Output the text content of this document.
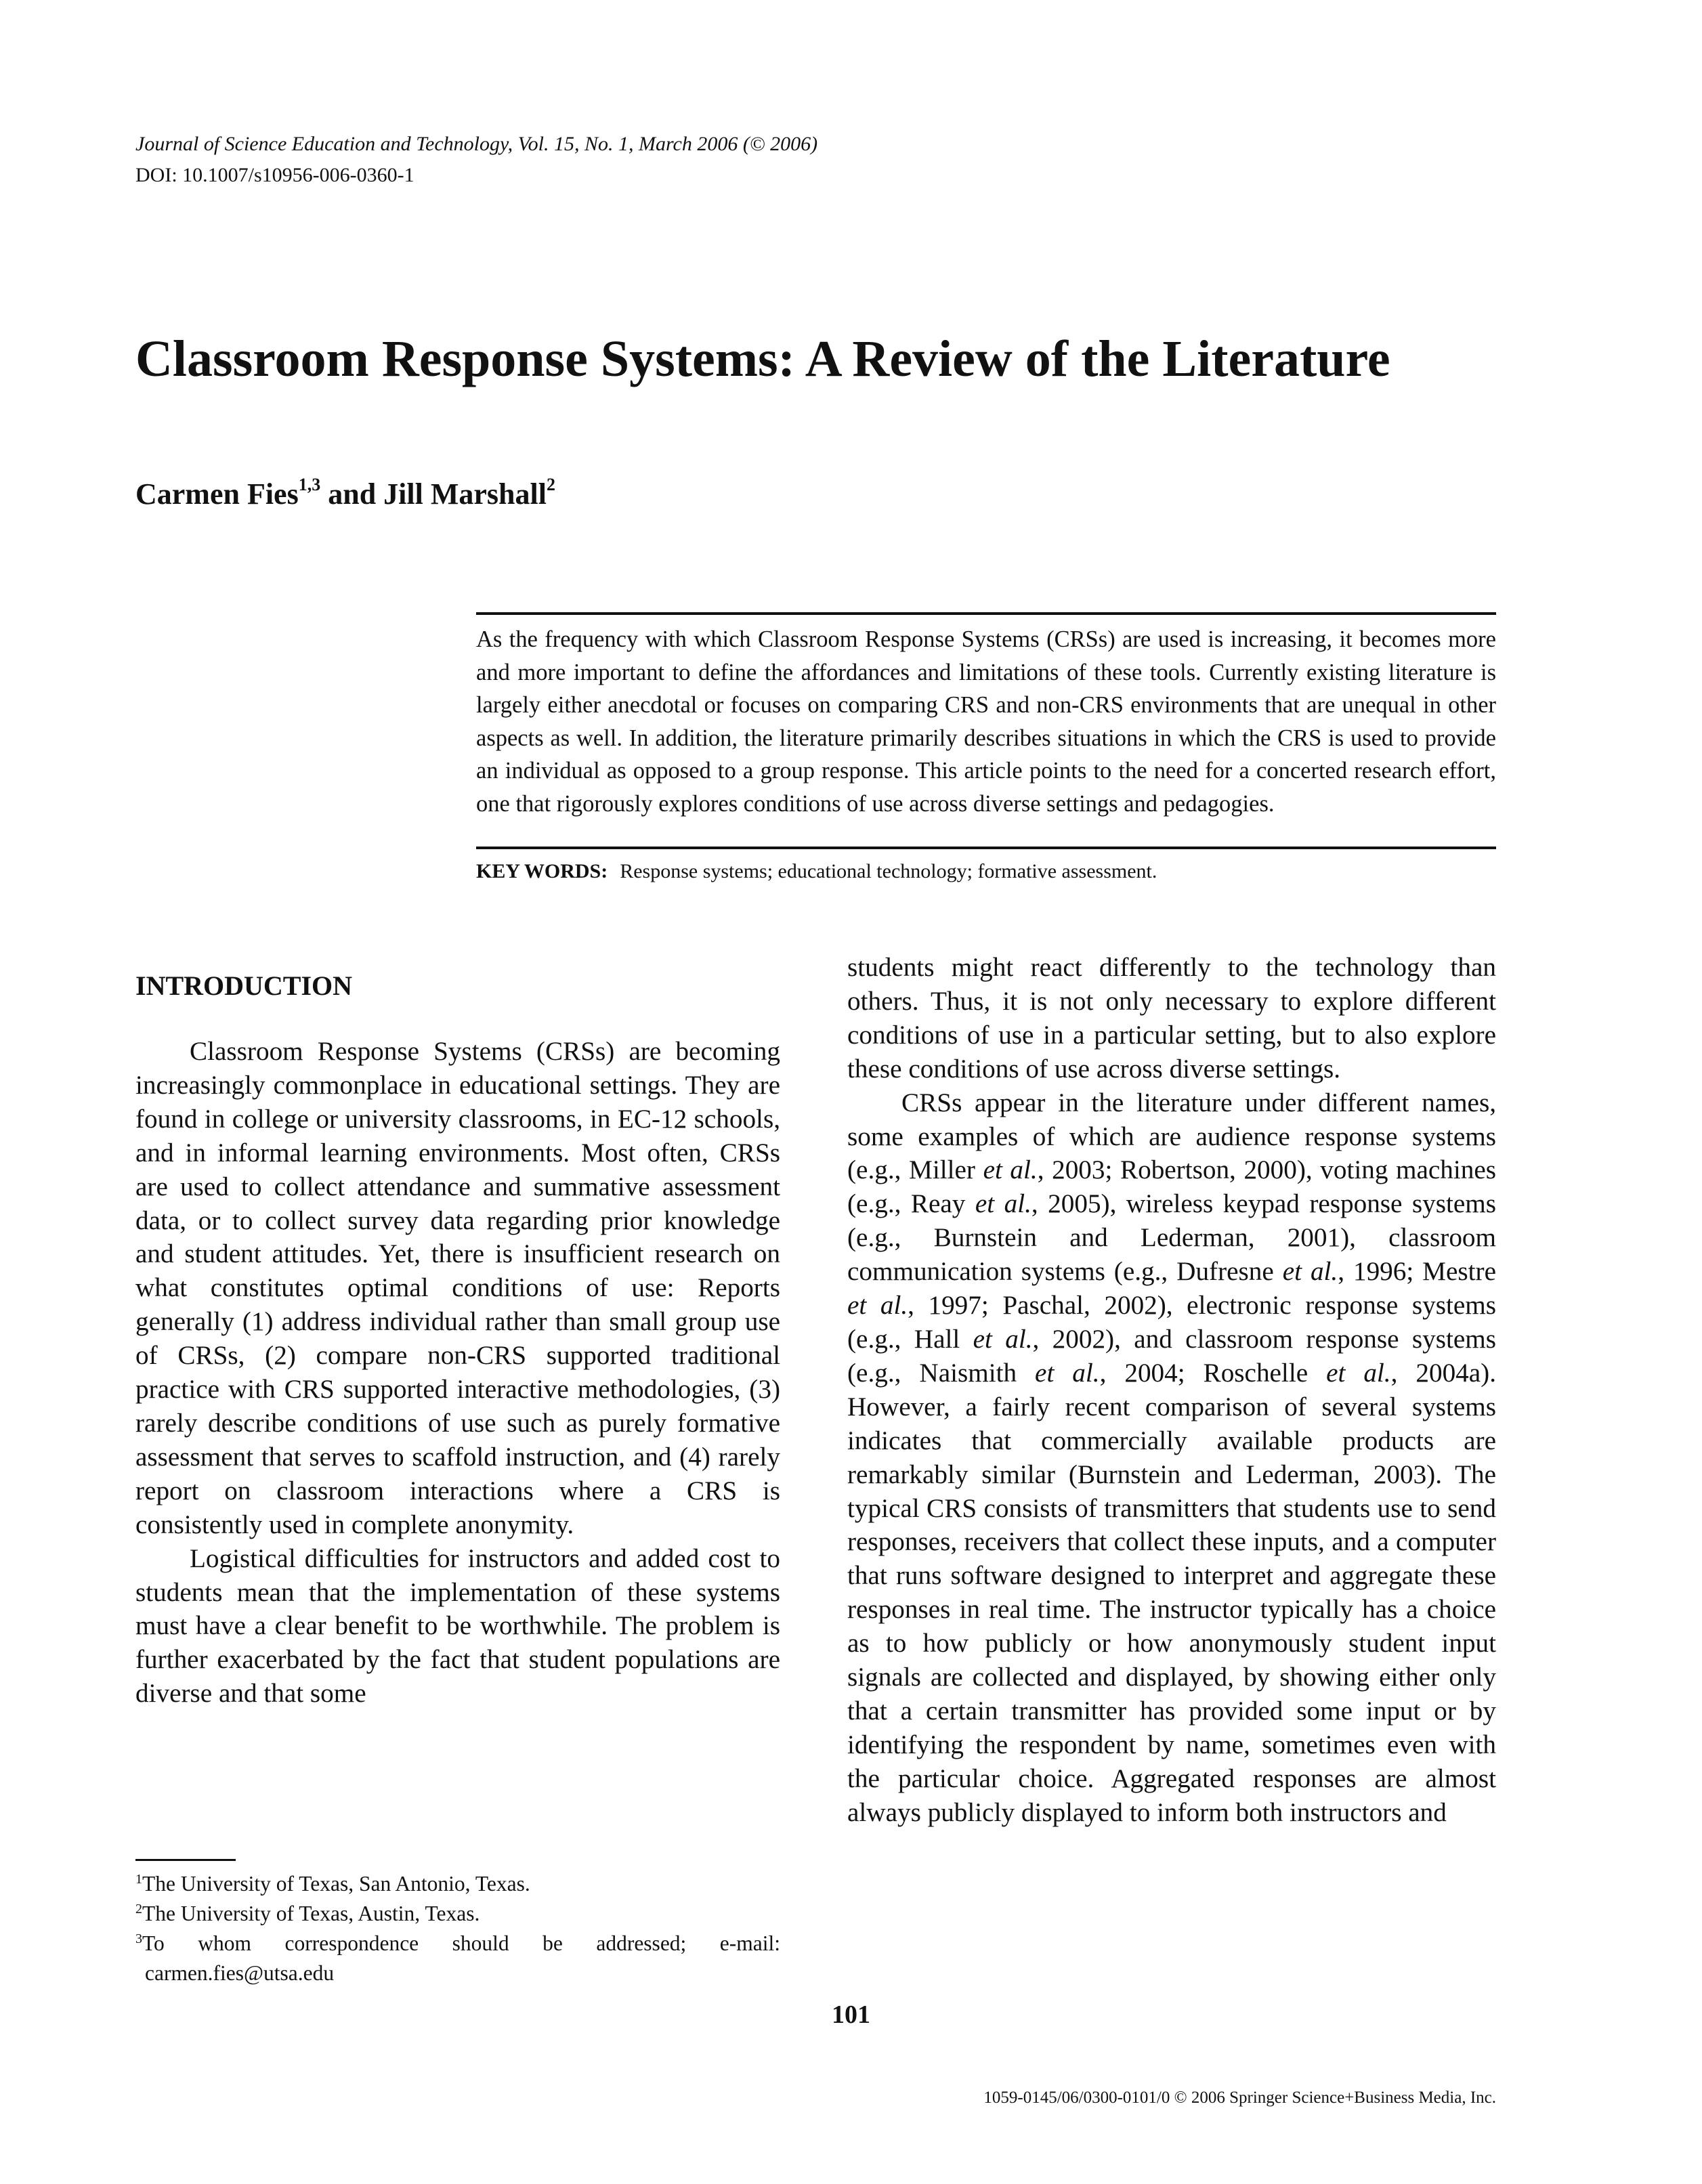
Journal of Science Education and Technology, Vol. 15, No. 1, March 2006 (© 2006)
DOI: 10.1007/s10956-006-0360-1
Classroom Response Systems: A Review of the Literature
Carmen Fies$^{1,3}$ and Jill Marshall$^2$
As the frequency with which Classroom Response Systems (CRSs) are used is increasing, it becomes more and more important to define the affordances and limitations of these tools. Currently existing literature is largely either anecdotal or focuses on comparing CRS and non-CRS environments that are unequal in other aspects as well. In addition, the literature primarily describes situations in which the CRS is used to provide an individual as opposed to a group response. This article points to the need for a concerted research effort, one that rigorously explores conditions of use across diverse settings and pedagogies.
KEY WORDS: Response systems; educational technology; formative assessment.
INTRODUCTION

Classroom Response Systems (CRSs) are becoming increasingly commonplace in educational settings. They are found in college or university classrooms, in EC-12 schools, and in informal learning environments. Most often, CRSs are used to collect attendance and summative assessment data, or to collect survey data regarding prior knowledge and student attitudes. Yet, there is insufficient research on what constitutes optimal conditions of use: Reports generally (1) address individual rather than small group use of CRSs, (2) compare non-CRS supported traditional practice with CRS supported interactive methodologies, (3) rarely describe conditions of use such as purely formative assessment that serves to scaffold instruction, and (4) rarely report on classroom interactions where a CRS is consistently used in complete anonymity.

Logistical difficulties for instructors and added cost to students mean that the implementation of these systems must have a clear benefit to be worthwhile. The problem is further exacerbated by the fact that student populations are diverse and that some

students might react differently to the technology than others. Thus, it is not only necessary to explore different conditions of use in a particular setting, but to also explore these conditions of use across diverse settings.

CRSs appear in the literature under different names, some examples of which are audience response systems (e.g., Miller et al., 2003; Robertson, 2000), voting machines (e.g., Reay et al., 2005), wireless keypad response systems (e.g., Burnstein and Lederman, 2001), classroom communication systems (e.g., Dufresne et al., 1996; Mestre et al., 1997; Paschal, 2002), electronic response systems (e.g., Hall et al., 2002), and classroom response systems (e.g., Naismith et al., 2004; Roschelle et al., 2004a). However, a fairly recent comparison of several systems indicates that commercially available products are remarkably similar (Burnstein and Lederman, 2003). The typical CRS consists of transmitters that students use to send responses, receivers that collect these inputs, and a computer that runs software designed to interpret and aggregate these responses in real time. The instructor typically has a choice as to how publicly or how anonymously student input signals are collected and displayed, by showing either only that a certain transmitter has provided some input or by identifying the respondent by name, sometimes even with the particular choice. Aggregated responses are almost always publicly displayed to inform both instructors and

$^1$The University of Texas, San Antonio, Texas.
$^2$The University of Texas, Austin, Texas.
$^3$To whom correspondence should be addressed; e-mail:
carmen.fies@utsa.edu
101
1059-0145/06/0300-0101/0 © 2006 Springer Science+Business Media, Inc.
